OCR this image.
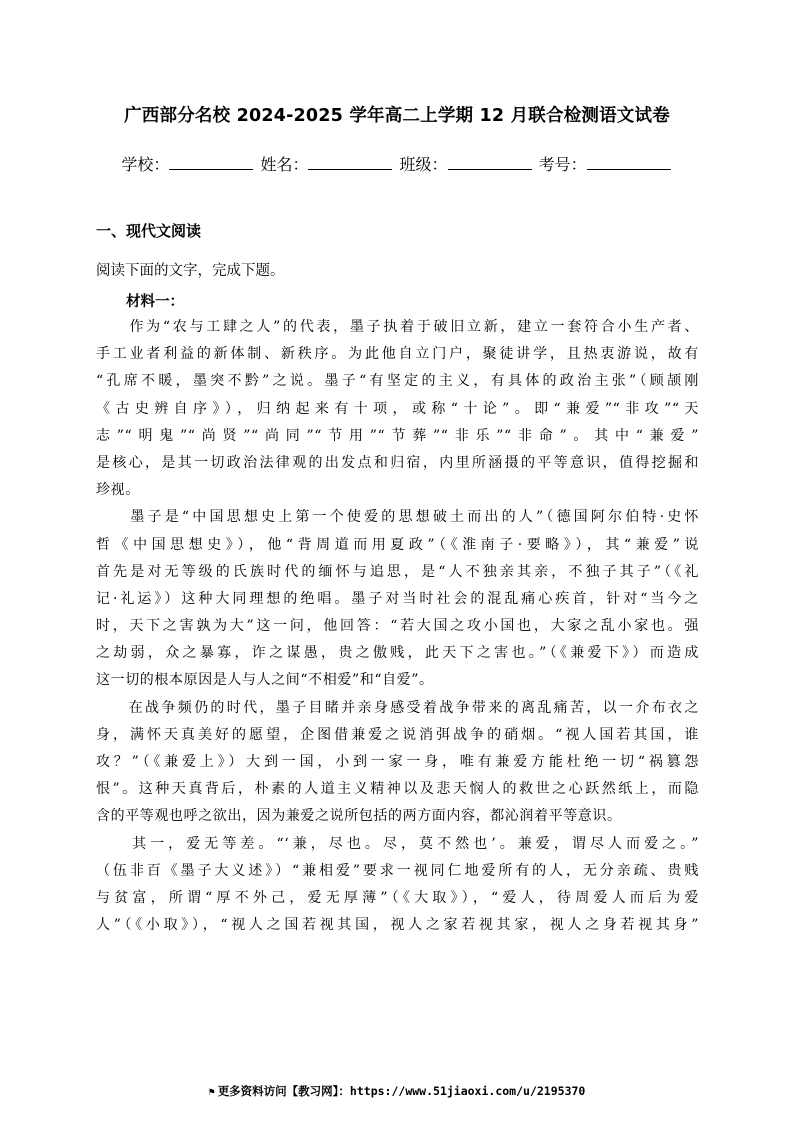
广西部分名校 2024-2025 学年高二上学期 12 月联合检测语文试卷
学校：	姓名：	班级：	考号：
一、现代文阅读
阅读下面的文字，完成下题。
材料一：
　　作为“农与工肆之人”的代表，墨子执着于破旧立新，建立一套符合小生产者、
手工业者利益的新体制、新秩序。为此他自立门户，聚徒讲学，且热衷游说，故有
“孔席不暖，墨突不黔”之说。墨子“有坚定的主义，有具体的政治主张”（顾颉刚
《古史辨自序》），归纳起来有十项，或称“十论”。即“兼爱”“非攻”“天
志”“明鬼”“尚贤”“尚同”“节用”“节葬”“非乐”“非命”。其中“兼爱”
是核心，是其一切政治法律观的出发点和归宿，内里所涵摄的平等意识，值得挖掘和
珍视。
　　墨子是“中国思想史上第一个使爱的思想破土而出的人”（德国阿尔伯特·史怀
哲《中国思想史》），他“背周道而用夏政”（《淮南子·要略》），其“兼爱”说
首先是对无等级的氏族时代的缅怀与追思，是“人不独亲其亲，不独子其子”（《礼
记·礼运》）这种大同理想的绝唱。墨子对当时社会的混乱痛心疾首，针对“当今之
时，天下之害孰为大”这一问，他回答：“若大国之攻小国也，大家之乱小家也。强
之劫弱，众之暴寡，诈之谋愚，贵之傲贱，此天下之害也。”（《兼爱下》）而造成
这一切的根本原因是人与人之间“不相爱”和“自爱”。
　　在战争频仍的时代，墨子目睹并亲身感受着战争带来的离乱痛苦，以一介布衣之
身，满怀天真美好的愿望，企图借兼爱之说消弭战争的硝烟。“视人国若其国，谁
攻？”（《兼爱上》）大到一国，小到一家一身，唯有兼爱方能杜绝一切“祸篡怨
恨”。这种天真背后，朴素的人道主义精神以及悲天悯人的救世之心跃然纸上，而隐
含的平等观也呼之欲出，因为兼爱之说所包括的两方面内容，都沁润着平等意识。
　　其一，爱无等差。“‘兼，尽也。尽，莫不然也’。兼爱，谓尽人而爱之。”
（伍非百《墨子大义述》）“兼相爱”要求一视同仁地爱所有的人，无分亲疏、贵贱
与贫富，所谓“厚不外己，爱无厚薄”（《大取》），“爱人，待周爱人而后为爱
人”（《小取》），“视人之国若视其国，视人之家若视其家，视人之身若视其身”
⚑ 更多资料访问【教习网】：https://www.51jiaoxi.com/u/2195370
